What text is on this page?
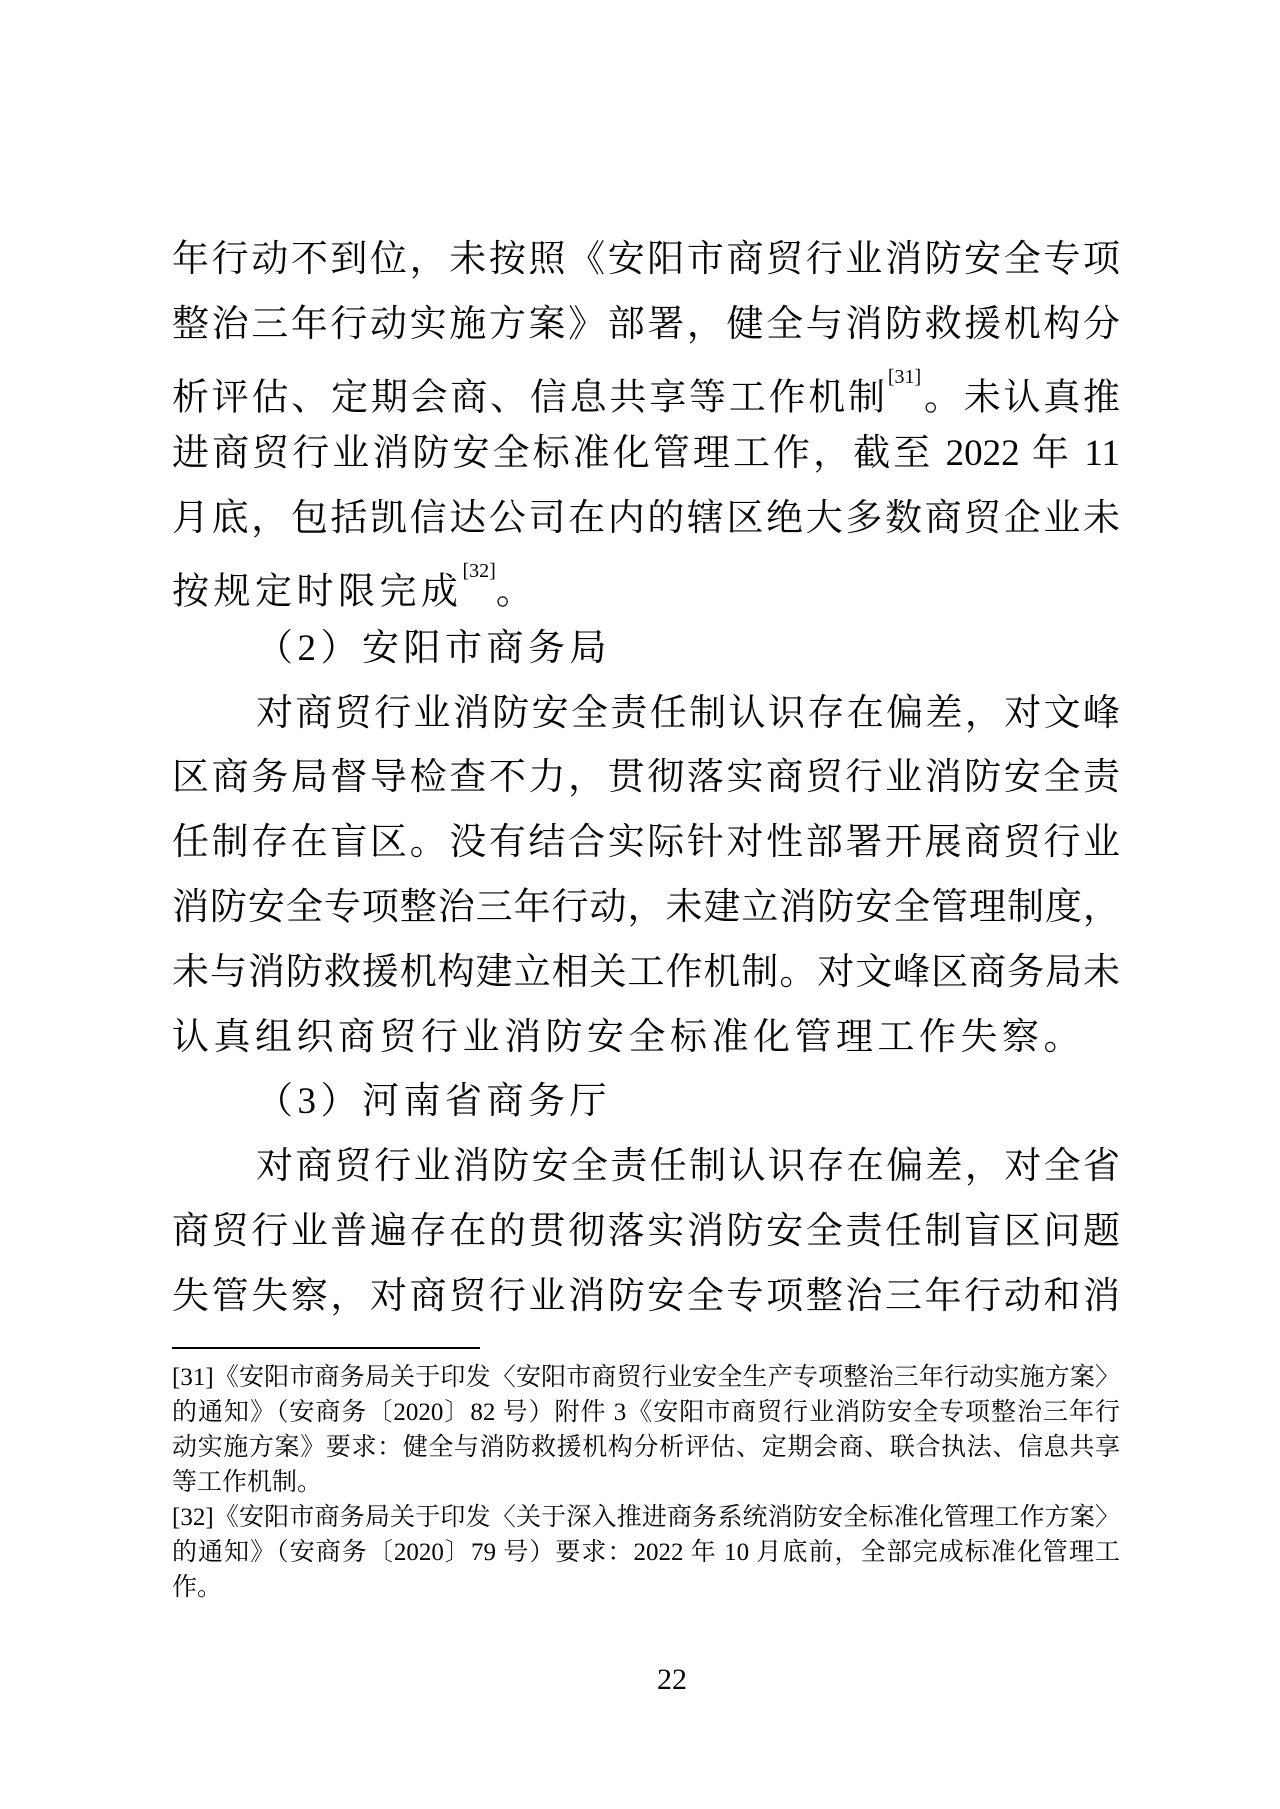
年行动不到位，未按照《安阳市商贸行业消防安全专项
整治三年行动实施方案》部署，健全与消防救援机构分
析评估、定期会商、信息共享等工作机制[31]。未认真推
进商贸行业消防安全标准化管理工作，截至 2022 年 11
月底，包括凯信达公司在内的辖区绝大多数商贸企业未
按规定时限完成[32]。
（2）安阳市商务局
对商贸行业消防安全责任制认识存在偏差，对文峰
区商务局督导检查不力，贯彻落实商贸行业消防安全责
任制存在盲区。没有结合实际针对性部署开展商贸行业
消防安全专项整治三年行动，未建立消防安全管理制度，
未与消防救援机构建立相关工作机制。对文峰区商务局未
认真组织商贸行业消防安全标准化管理工作失察。
（3）河南省商务厅
对商贸行业消防安全责任制认识存在偏差，对全省
商贸行业普遍存在的贯彻落实消防安全责任制盲区问题
失管失察，对商贸行业消防安全专项整治三年行动和消
[31]《安阳市商务局关于印发〈安阳市商贸行业安全生产专项整治三年行动实施方案〉
的通知》（安商务〔2020〕82 号）附件 3《安阳市商贸行业消防安全专项整治三年行
动实施方案》要求：健全与消防救援机构分析评估、定期会商、联合执法、信息共享
等工作机制。
[32]《安阳市商务局关于印发〈关于深入推进商务系统消防安全标准化管理工作方案〉
的通知》（安商务〔2020〕79 号）要求：2022 年 10 月底前，全部完成标准化管理工
作。
22
